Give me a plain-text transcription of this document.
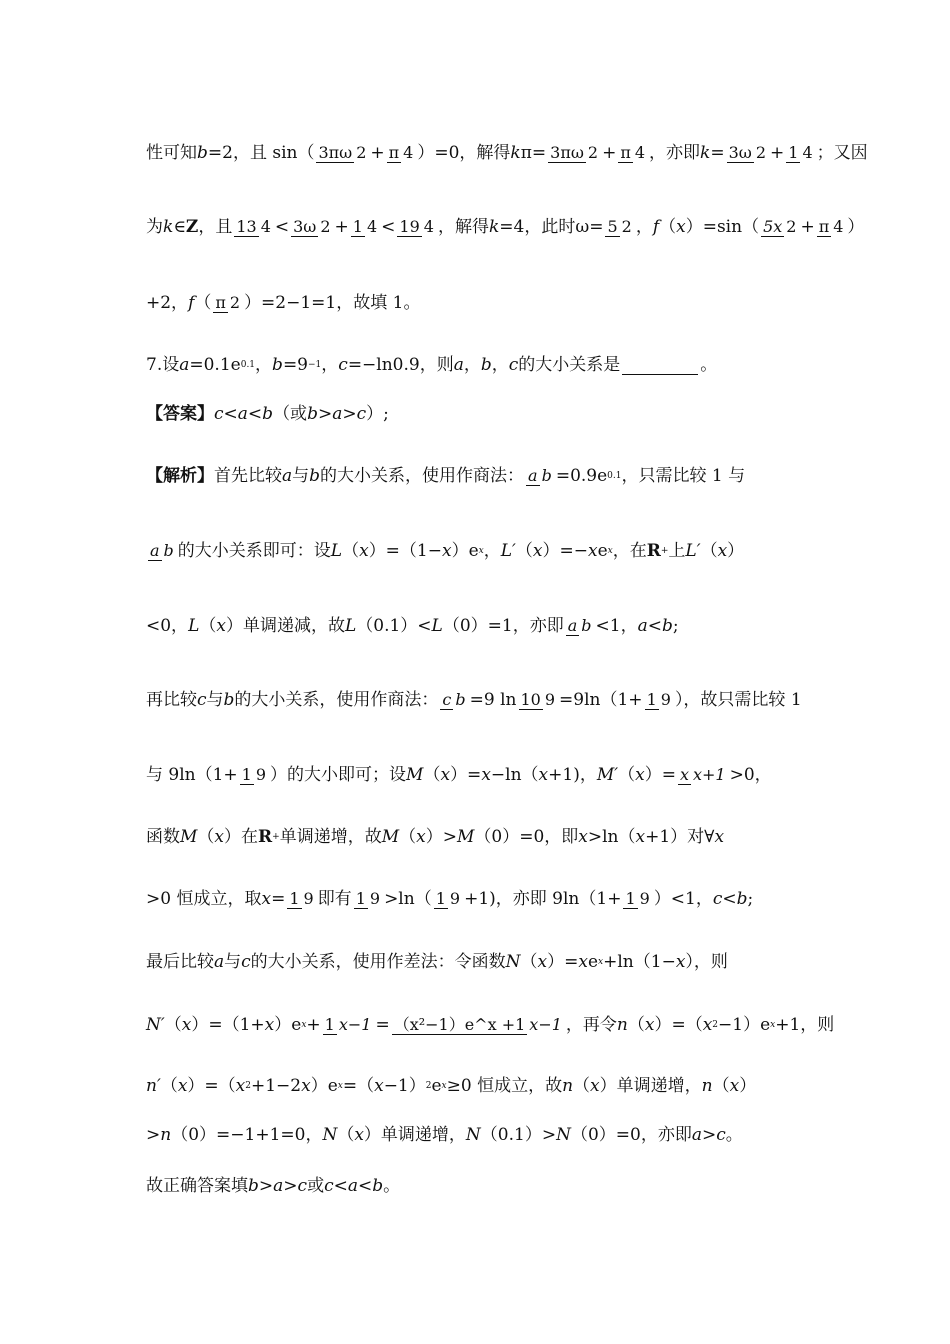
性可知 b =2，且 sin（ 3πω 2 + π 4 ）=0，解得 k π= 3πω 2 + π 4 ，亦即 k = 3ω 2 + 1 4 ；又因
为 k ∈ Z ，且 13 4 < 3ω 2 + 1 4 < 19 4 ，解得 k =4，此时ω= 5 2 ， f （ x ）=sin（ 5x 2 + π 4 ）
+2， f （ π 2 ）=2−1=1，故填 1。
7.设 a =0.1e 0.1 ， b =9 −1 ， c =−ln0.9，则 a ， b ， c 的大小关系是	。
【答案】 c < a < b （或 b > a > c ）;
【解析】 首先比较 a 与 b 的大小关系，使用作商法： a b =0.9e 0.1 ，只需比较 1 与
a b 的大小关系即可：设 L （ x ）=（1− x ）e x ， L′ （ x ）=− x e x ，在 R + 上 L′ （ x ）
<0， L （ x ）单调递减，故 L （0.1）< L （0）=1，亦即 a b <1， a < b ;
再比较 c 与 b 的大小关系，使用作商法： c b =9 ln 10 9 =9ln（1+ 1 9 ），故只需比较 1
与 9ln（1+ 1 9 ）的大小即可；设 M （ x ）= x −ln（ x +1)， M′ （ x ）= x x+1 >0，
函数 M （ x ）在 R + 单调递增，故 M （ x ）> M （0）=0，即 x >ln（ x +1）对∀ x
>0 恒成立，取 x = 1 9 即有 1 9 >ln（ 1 9 +1)，亦即 9ln（1+ 1 9 ）<1， c < b ;
最后比较 a 与 c 的大小关系，使用作差法：令函数 N （ x ）= x e x +ln（1− x ），则
N′ （ x ）=（1+ x ）e x + 1 x−1 = （x²−1）e^x +1 x−1 ，再令 n （ x ）=（ x 2 −1）e x +1，则
n′ （ x ）=（ x 2 +1−2 x ）e x =（ x −1） 2 e x ≥0 恒成立，故 n （ x ）单调递增， n （ x ）
> n （0）=−1+1=0， N （ x ）单调递增， N （0.1）> N （0）=0，亦即 a > c 。
故正确答案填 b > a > c 或 c < a < b 。
